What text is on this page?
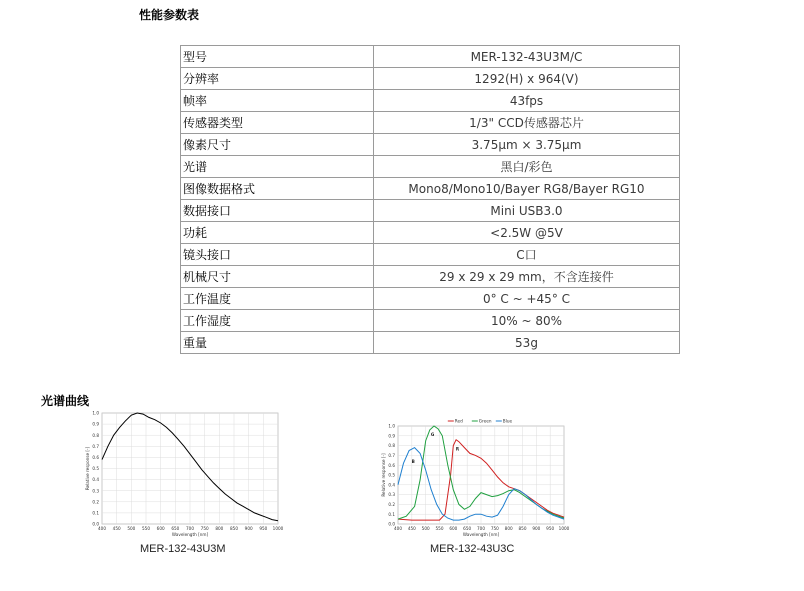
性能参数表
型号	MER-132-43U3M/C
分辨率	1292(H) x 964(V)
帧率	43fps
传感器类型	1/3" CCD传感器芯片
像素尺寸	3.75μm × 3.75μm
光谱	黑白/彩色
图像数据格式	Mono8/Mono10/Bayer RG8/Bayer RG10
数据接口	Mini USB3.0
功耗	<2.5W @5V
镜头接口	C口
机械尺寸	29 x 29 x 29 mm，不含连接件
工作温度	0° C ~ +45° C
工作湿度	10% ~ 80%
重量	53g
光谱曲线
0.0
0.1
0.2
0.3
0.4
0.5
0.6
0.7
0.8
0.9
1.0
400 450 500 550 600 650 700 750 800 850 900 950 1000
Wavelength [nm]
Relative response [-]
MER-132-43U3M
0.0
0.1
0.2
0.3
0.4
0.5
0.6
0.7
0.8
0.9
1.0
400 450 500 550 600 650 700 750 800 850 900 950 1000
Wavelength [nm]
Relative response [-]
Red	Green	Blue
B
G
R
MER-132-43U3C
